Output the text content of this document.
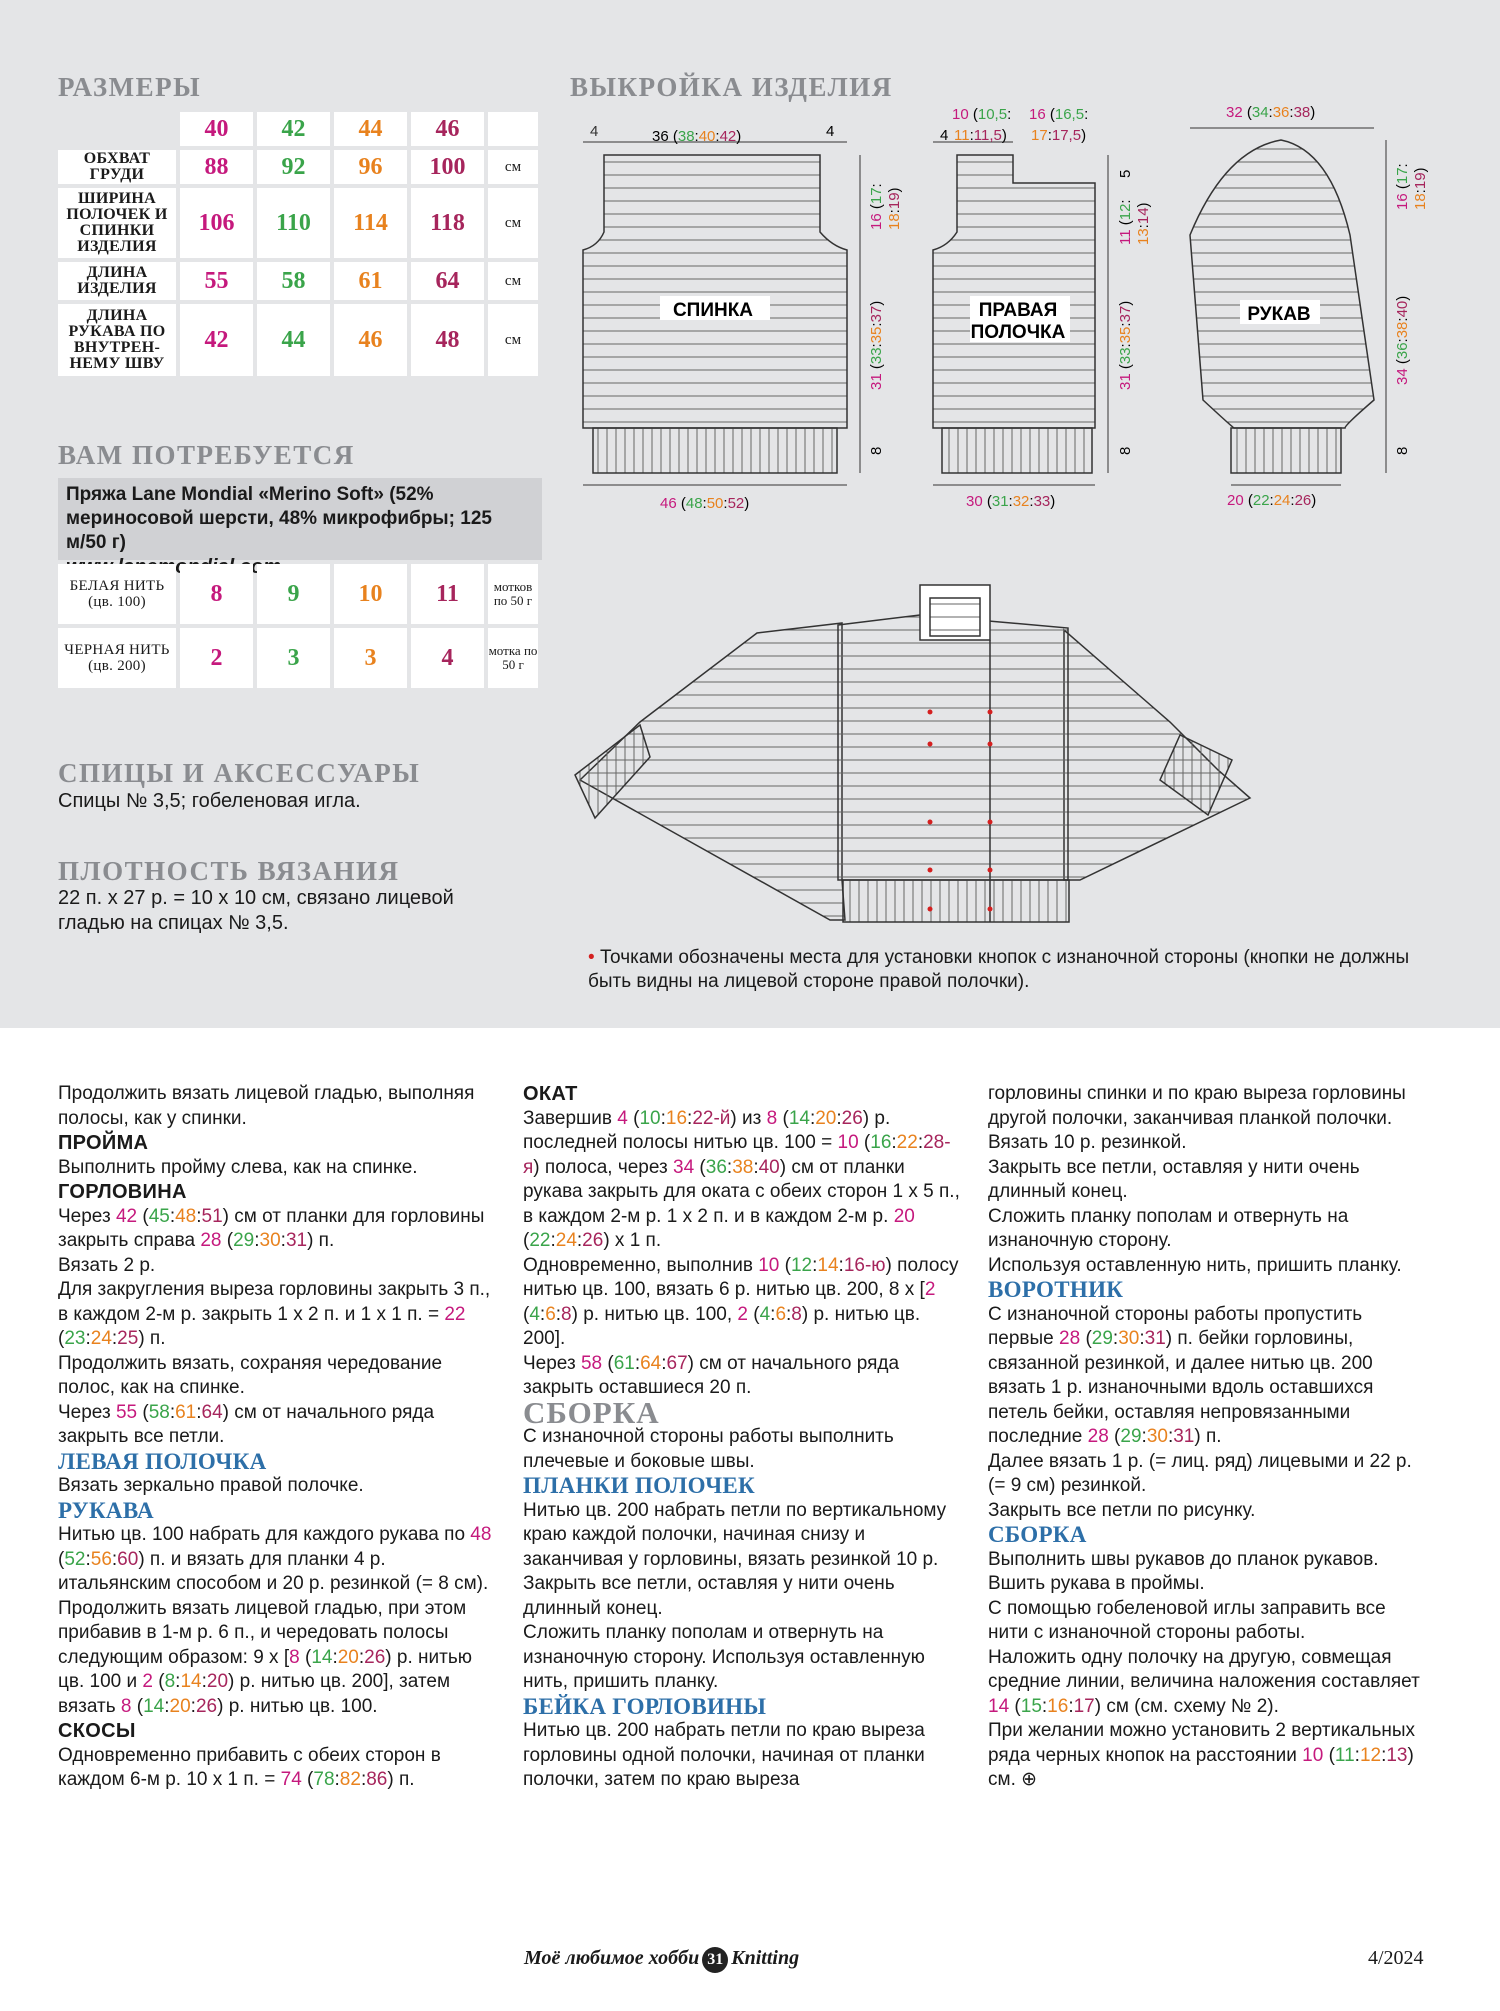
РАЗМЕРЫ
	40	42	44	46	
ОБХВАТ ГРУДИ	88	92	96	100	см
ШИРИНА ПОЛОЧЕК И СПИНКИ ИЗДЕЛИЯ	106	110	114	118	см
ДЛИНА ИЗДЕЛИЯ	55	58	61	64	см
ДЛИНА РУКАВА ПО ВНУТРЕН-НЕМУ ШВУ	42	44	46	48	см
ВАМ ПОТРЕБУЕТСЯ
Пряжа Lane Mondial «Merino Soft» (52% мериносовой шерсти, 48% микрофибры; 125 м/50 г)
БЕЛАЯ НИТЬ (цв. 100)	8	9	10	11	мотков по 50 г
ЧЕРНАЯ НИТЬ (цв. 200)	2	3	3	4	мотка по 50 г
СПИЦЫ И АКСЕССУАРЫ
Спицы № 3,5; гобеленовая игла.
ПЛОТНОСТЬ ВЯЗАНИЯ
22 п. х 27 р. = 10 х 10 см, связано лицевой гладью на спицах № 3,5.
ВЫКРОЙКА ИЗДЕЛИЯ
СПИНКА	ПРАВАЯ
ПОЛОЧКА
РУКАВ
4	36 (38:40:42)	4
46 (48:50:52)
4
10 (10,5:
11:11,5)
16 (16,5:
17:17,5)
30 (31:32:33)
32 (34:36:38)
20 (22:24:26)
16 (17:
18:19)
31 (33:35:37)
8
5
11 (12:
13:14)
31 (33:35:37)
8
16 (17:
18:19)
34 (36:38:40)
8
• Точками обозначены места для установки кнопок с изнаночной стороны (кнопки не должны быть видны на лицевой стороне правой полочки).

Продолжить вязать лицевой гладью, выполняя полосы, как у спинки.

ПРОЙМА

Выполнить пройму слева, как на спинке.

ГОРЛОВИНА

Через 42 (45:48:51) см от планки для горловины закрыть справа 28 (29:30:31) п.

Вязать 2 р.

Для закругления выреза горловины закрыть 3 п., в каждом 2-м р. закрыть 1 х 2 п. и 1 х 1 п. = 22 (23:24:25) п.

Продолжить вязать, сохраняя чередование полос, как на спинке.

Через 55 (58:61:64) см от начального ряда закрыть все петли.

ЛЕВАЯ ПОЛОЧКА

Вязать зеркально правой полочке.

РУКАВА

Нитью цв. 100 набрать для каждого рукава по 48 (52:56:60) п. и вязать для планки 4 р. итальянским способом и 20 р. резинкой (= 8 см).

Продолжить вязать лицевой гладью, при этом прибавив в 1-м р. 6 п., и чередовать полосы следующим образом: 9 х [8 (14:20:26) р. нитью цв. 100 и 2 (8:14:20) р. нитью цв. 200], затем вязать 8 (14:20:26) р. нитью цв. 100.

СКОСЫ

Одновременно прибавить с обеих сторон в каждом 6-м р. 10 х 1 п. = 74 (78:82:86) п.

ОКАТ

Завершив 4 (10:16:22-й) из 8 (14:20:26) р. последней полосы нитью цв. 100 = 10 (16:22:28-я) полоса, через 34 (36:38:40) см от планки рукава закрыть для оката с обеих сторон 1 х 5 п., в каждом 2-м р. 1 х 2 п. и в каждом 2-м р. 20 (22:24:26) х 1 п.

Одновременно, выполнив 10 (12:14:16-ю) полосу нитью цв. 100, вязать 6 р. нитью цв. 200, 8 х [2 (4:6:8) р. нитью цв. 100, 2 (4:6:8) р. нитью цв. 200].

Через 58 (61:64:67) см от начального ряда закрыть оставшиеся 20 п.

СБОРКА

С изнаночной стороны работы выполнить плечевые и боковые швы.

ПЛАНКИ ПОЛОЧЕК

Нитью цв. 200 набрать петли по вертикальному краю каждой полочки, начиная снизу и заканчивая у горловины, вязать резинкой 10 р.

Закрыть все петли, оставляя у нити очень длинный конец.

Сложить планку пополам и отвернуть на изнаночную сторону. Используя оставленную нить, пришить планку.

БЕЙКА ГОРЛОВИНЫ

Нитью цв. 200 набрать петли по краю выреза горловины одной полочки, начиная от планки полочки, затем по краю выреза

горловины спинки и по краю выреза горловины другой полочки, заканчивая планкой полочки.

Вязать 10 р. резинкой.

Закрыть все петли, оставляя у нити очень длинный конец.

Сложить планку пополам и отвернуть на изнаночную сторону.

Используя оставленную нить, пришить планку.

ВОРОТНИК

С изнаночной стороны работы пропустить первые 28 (29:30:31) п. бейки горловины, связанной резинкой, и далее нитью цв. 200 вязать 1 р. изнаночными вдоль оставшихся петель бейки, оставляя непровязанными последние 28 (29:30:31) п.

Далее вязать 1 р. (= лиц. ряд) лицевыми и 22 р. (= 9 см) резинкой.

Закрыть все петли по рисунку.

СБОРКА

Выполнить швы рукавов до планок рукавов.

Вшить рукава в проймы.

С помощью гобеленовой иглы заправить все нити с изнаночной стороны работы.

Наложить одну полочку на другую, совмещая средние линии, величина наложения составляет 14 (15:16:17) см (см. схему № 2).

При желании можно установить 2 вертикальных ряда черных кнопок на расстоянии 10 (11:12:13) см. ⊕

Моё любимое хобби 31 Knitting	4/2024
